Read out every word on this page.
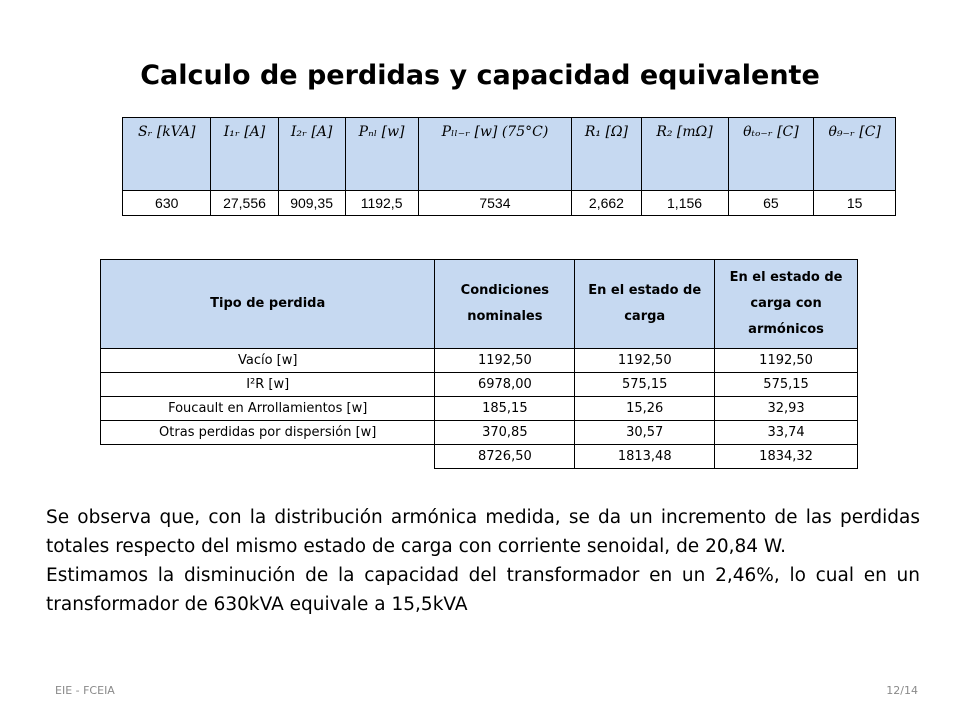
Calculo de perdidas y capacidad equivalente
Sᵣ [kVA]	I₁ᵣ [A]	I₂ᵣ [A]	Pₙₗ [w]	Pₗₗ₋ᵣ [w] (75°C)	R₁ [Ω]	R₂ [mΩ]	θₜₒ₋ᵣ [C]	θ₉₋ᵣ [C]
630	27,556	909,35	1192,5	7534	2,662	1,156	65	15
Tipo de perdida	Condiciones nominales	En el estado de carga	En el estado de carga con armónicos
Vacío [w]	1192,50	1192,50	1192,50
I²R [w]	6978,00	575,15	575,15
Foucault en Arrollamientos [w]	185,15	15,26	32,93
Otras perdidas por dispersión [w]	370,85	30,57	33,74
	8726,50	1813,48	1834,32

Se observa que, con la distribución armónica medida, se da un incremento de las perdidas totales respecto del mismo estado de carga con corriente senoidal, de 20,84 W.

Estimamos la disminución de la capacidad del transformador en un 2,46%, lo cual en un transformador de 630kVA equivale a 15,5kVA

EIE - FCEIA	12/14
